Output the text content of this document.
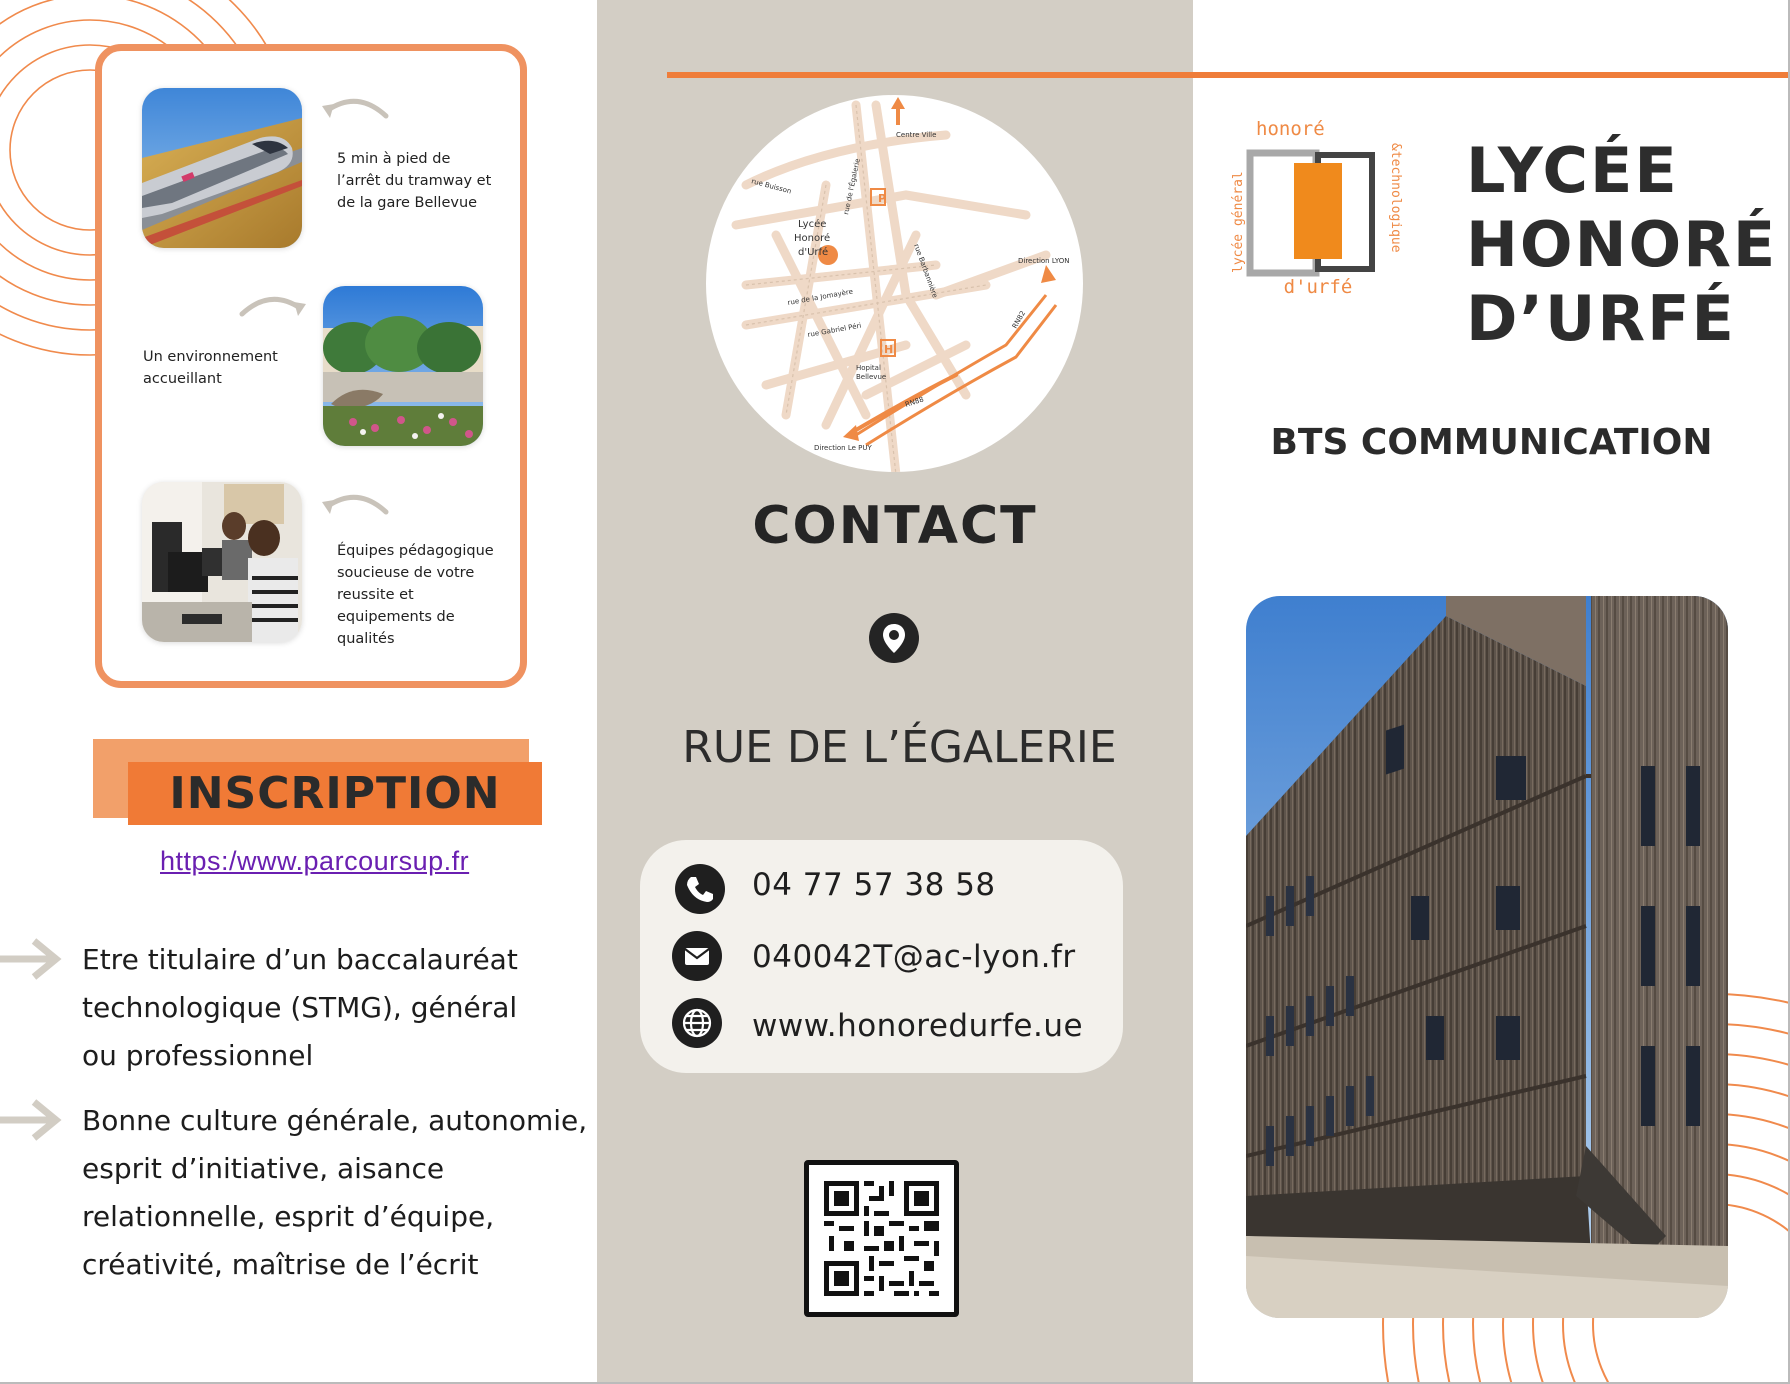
5 min à pied de
l’arrêt du tramway et
de la gare Bellevue
Un environnement
accueillant
Équipes pédagogique
soucieuse de votre
reussite et
equipements de
qualités
INSCRIPTION
https:/www.parcoursup.fr
Etre titulaire d’un baccalauréat
technologique (STMG), général
ou professionnel
Bonne culture générale, autonomie,
esprit d’initiative, aisance
relationnelle, esprit d’équipe,
créativité, maîtrise de l’écrit
P
H
Centre Ville
rue Buisson	rue de l'Égalerie
Lycée
Honoré
d'Urfé
Direction LYON
rue de la Jomayère
rue Gabriel Péri
Hopital
Bellevue
rue Barbannière
RN82
RN88
Direction Le PUY
CONTACT
RUE DE L’ÉGALERIE
04 77 57 38 58
040042T@ac-lyon.fr
www.honoredurfe.ue
honoré
d'urfé
lycée général	&technologique LYCÉE
HONORÉ
D’URFÉ
BTS COMMUNICATION
